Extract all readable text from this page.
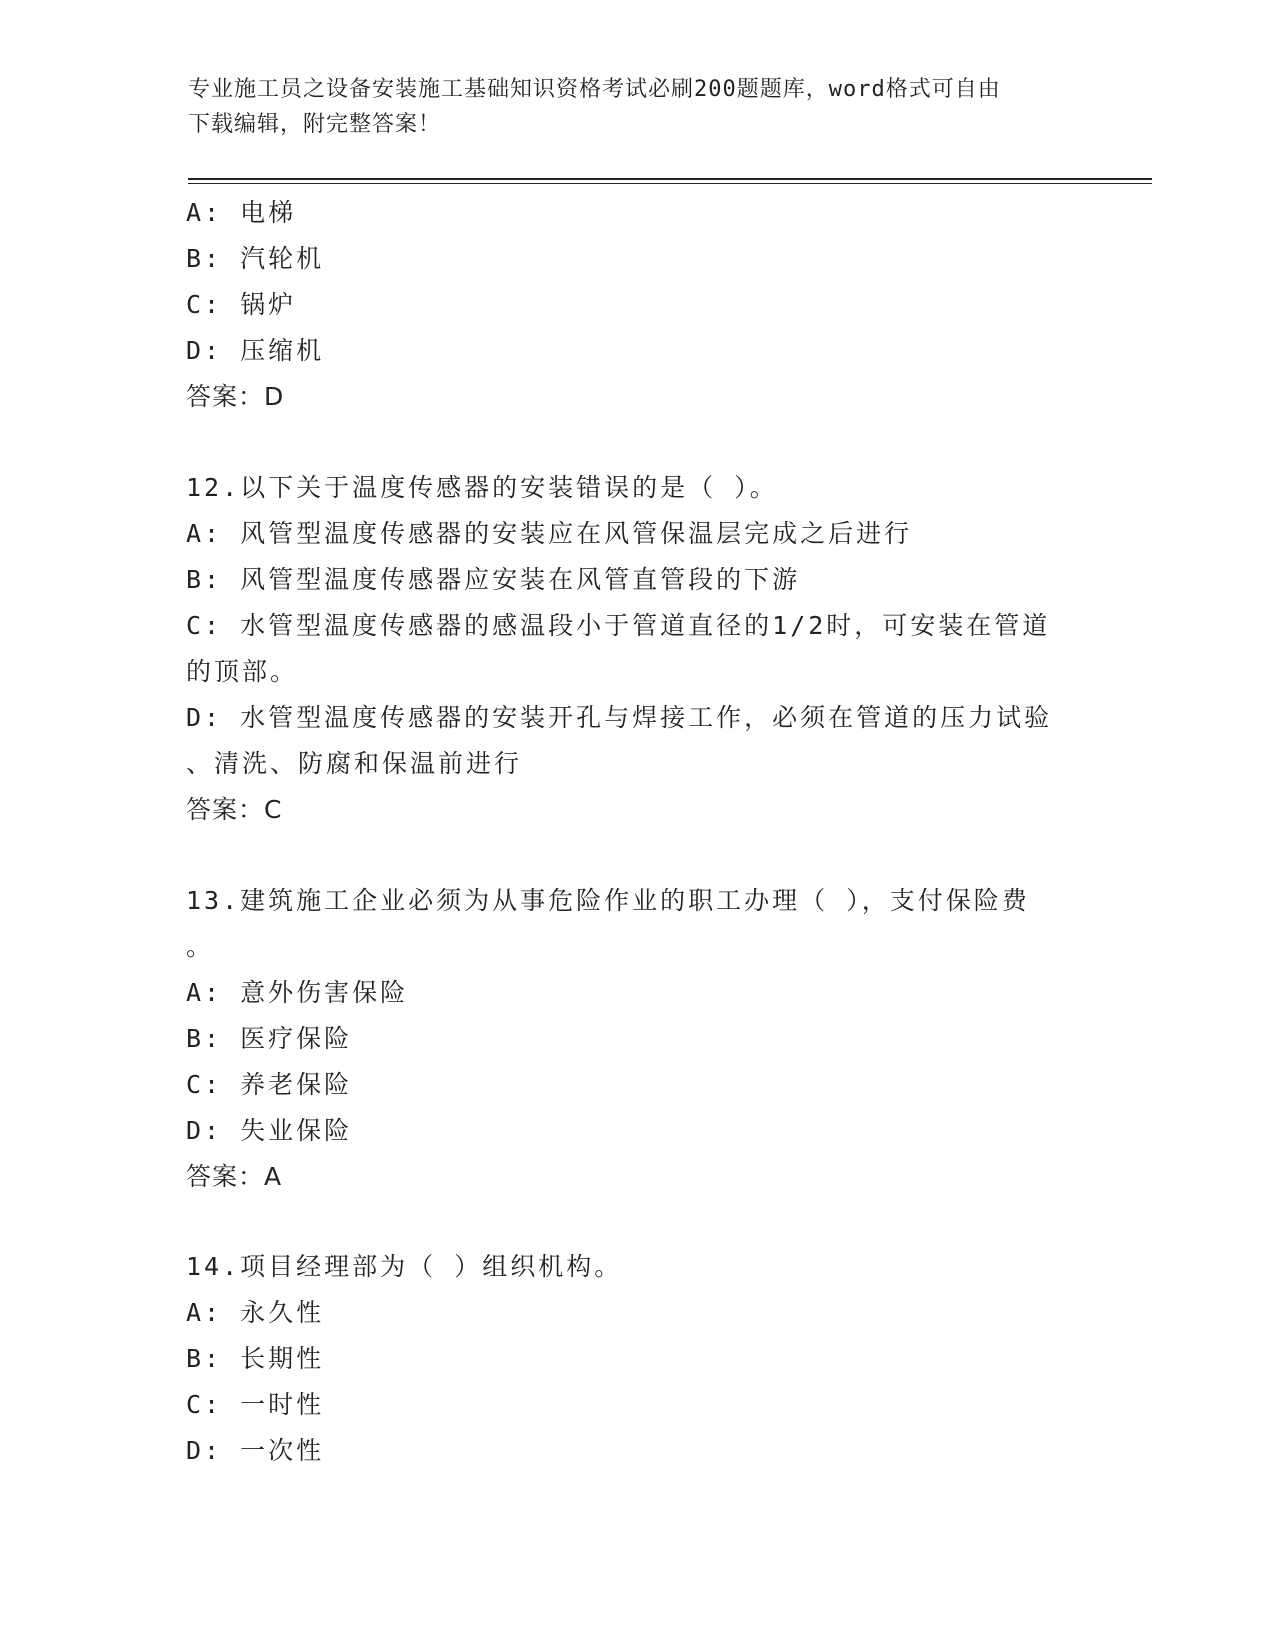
专业施工员之设备安装施工基础知识资格考试必刷200题题库，word格式可自由
下载编辑，附完整答案！
A: 电梯
B: 汽轮机
C: 锅炉
D: 压缩机
答案：D
12.以下关于温度传感器的安装错误的是（ ）。
A: 风管型温度传感器的安装应在风管保温层完成之后进行
B: 风管型温度传感器应安装在风管直管段的下游
C: 水管型温度传感器的感温段小于管道直径的1/2时，可安装在管道
的顶部。
D: 水管型温度传感器的安装开孔与焊接工作，必须在管道的压力试验
、清洗、防腐和保温前进行
答案：C
13.建筑施工企业必须为从事危险作业的职工办理（ ），支付保险费
。
A: 意外伤害保险
B: 医疗保险
C: 养老保险
D: 失业保险
答案：A
14.项目经理部为（ ）组织机构。
A: 永久性
B: 长期性
C: 一时性
D: 一次性
